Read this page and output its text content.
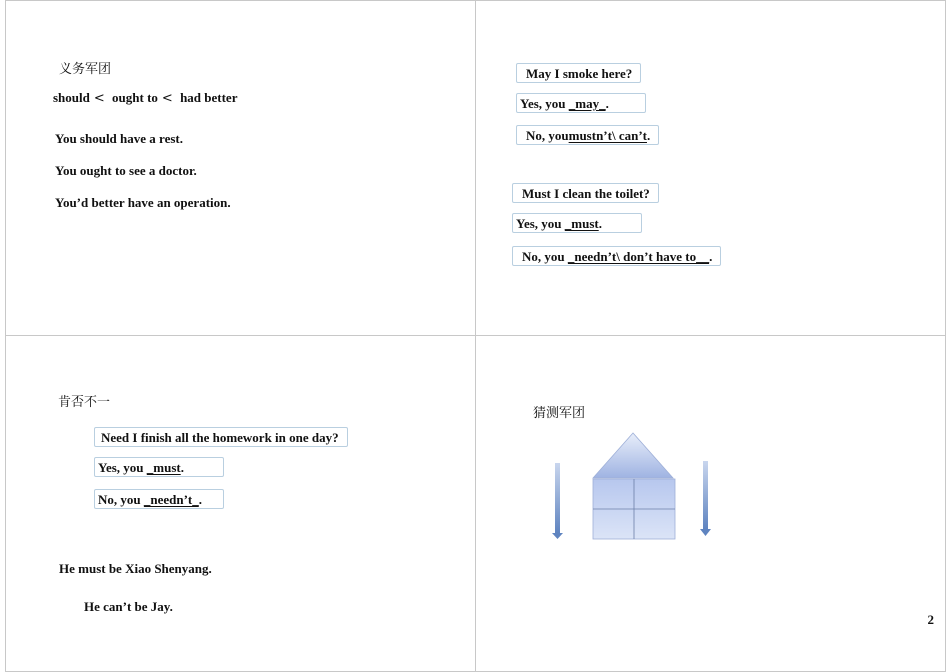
义务军团
should < ought to < had better
You should have a rest.
You ought to see a doctor.
You’d better have an operation.
May I smoke here?
Yes, you _may_.
No, youmustn’t\ can’t.
Must I clean the toilet?
Yes, you _must.
No, you _needn’t\ don’t have to__.
肯否不一
Need I finish all the homework in one day?
Yes, you _must.
No, you _needn’t_.
He must be Xiao Shenyang.
He can’t be Jay.
猜测军团
2
